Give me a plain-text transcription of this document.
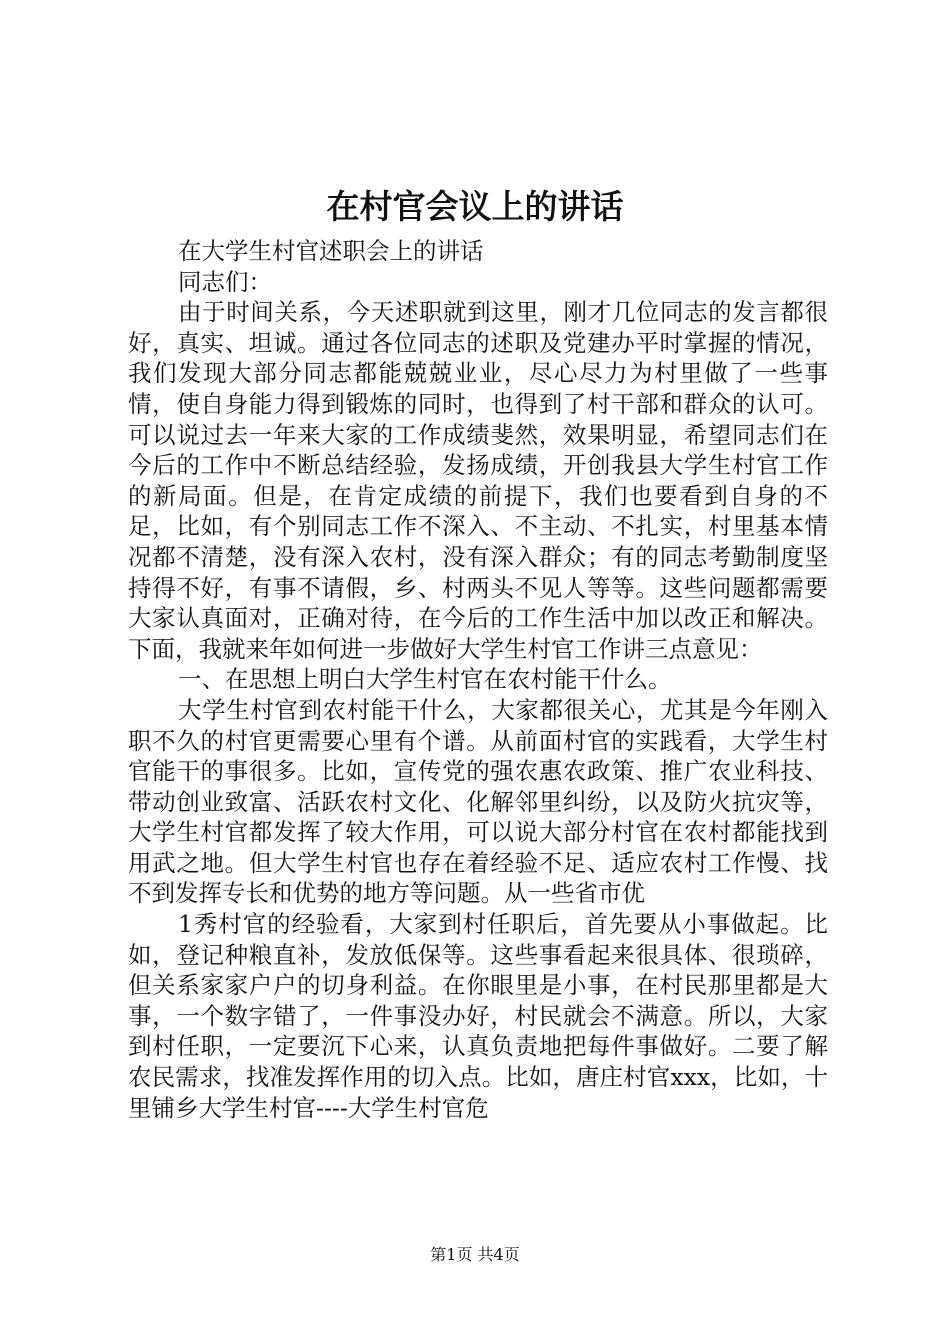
在村官会议上的讲话

在大学生村官述职会上的讲话

同志们：

由于时间关系，今天述职就到这里，刚才几位同志的发言都很好，真实、坦诚。通过各位同志的述职及党建办平时掌握的情况，我们发现大部分同志都能兢兢业业，尽心尽力为村里做了一些事情，使自身能力得到锻炼的同时，也得到了村干部和群众的认可。可以说过去一年来大家的工作成绩斐然，效果明显，希望同志们在今后的工作中不断总结经验，发扬成绩，开创我县大学生村官工作的新局面。但是，在肯定成绩的前提下，我们也要看到自身的不足，比如，有个别同志工作不深入、不主动、不扎实，村里基本情况都不清楚，没有深入农村，没有深入群众；有的同志考勤制度坚持得不好，有事不请假，乡、村两头不见人等等。这些问题都需要大家认真面对，正确对待，在今后的工作生活中加以改正和解决。下面，我就来年如何进一步做好大学生村官工作讲三点意见：

一、在思想上明白大学生村官在农村能干什么。

大学生村官到农村能干什么，大家都很关心，尤其是今年刚入职不久的村官更需要心里有个谱。从前面村官的实践看，大学生村官能干的事很多。比如，宣传党的强农惠农政策、推广农业科技、带动创业致富、活跃农村文化、化解邻里纠纷，以及防火抗灾等，大学生村官都发挥了较大作用，可以说大部分村官在农村都能找到用武之地。但大学生村官也存在着经验不足、适应农村工作慢、找不到发挥专长和优势的地方等问题。从一些省市优

1秀村官的经验看，大家到村任职后，首先要从小事做起。比如，登记种粮直补，发放低保等。这些事看起来很具体、很琐碎，但关系家家户户的切身利益。在你眼里是小事，在村民那里都是大事，一个数字错了，一件事没办好，村民就会不满意。所以，大家到村任职，一定要沉下心来，认真负责地把每件事做好。二要了解农民需求，找准发挥作用的切入点。比如，唐庄村官xxx，比如，十里铺乡大学生村官----大学生村官危

第1页 共4页
